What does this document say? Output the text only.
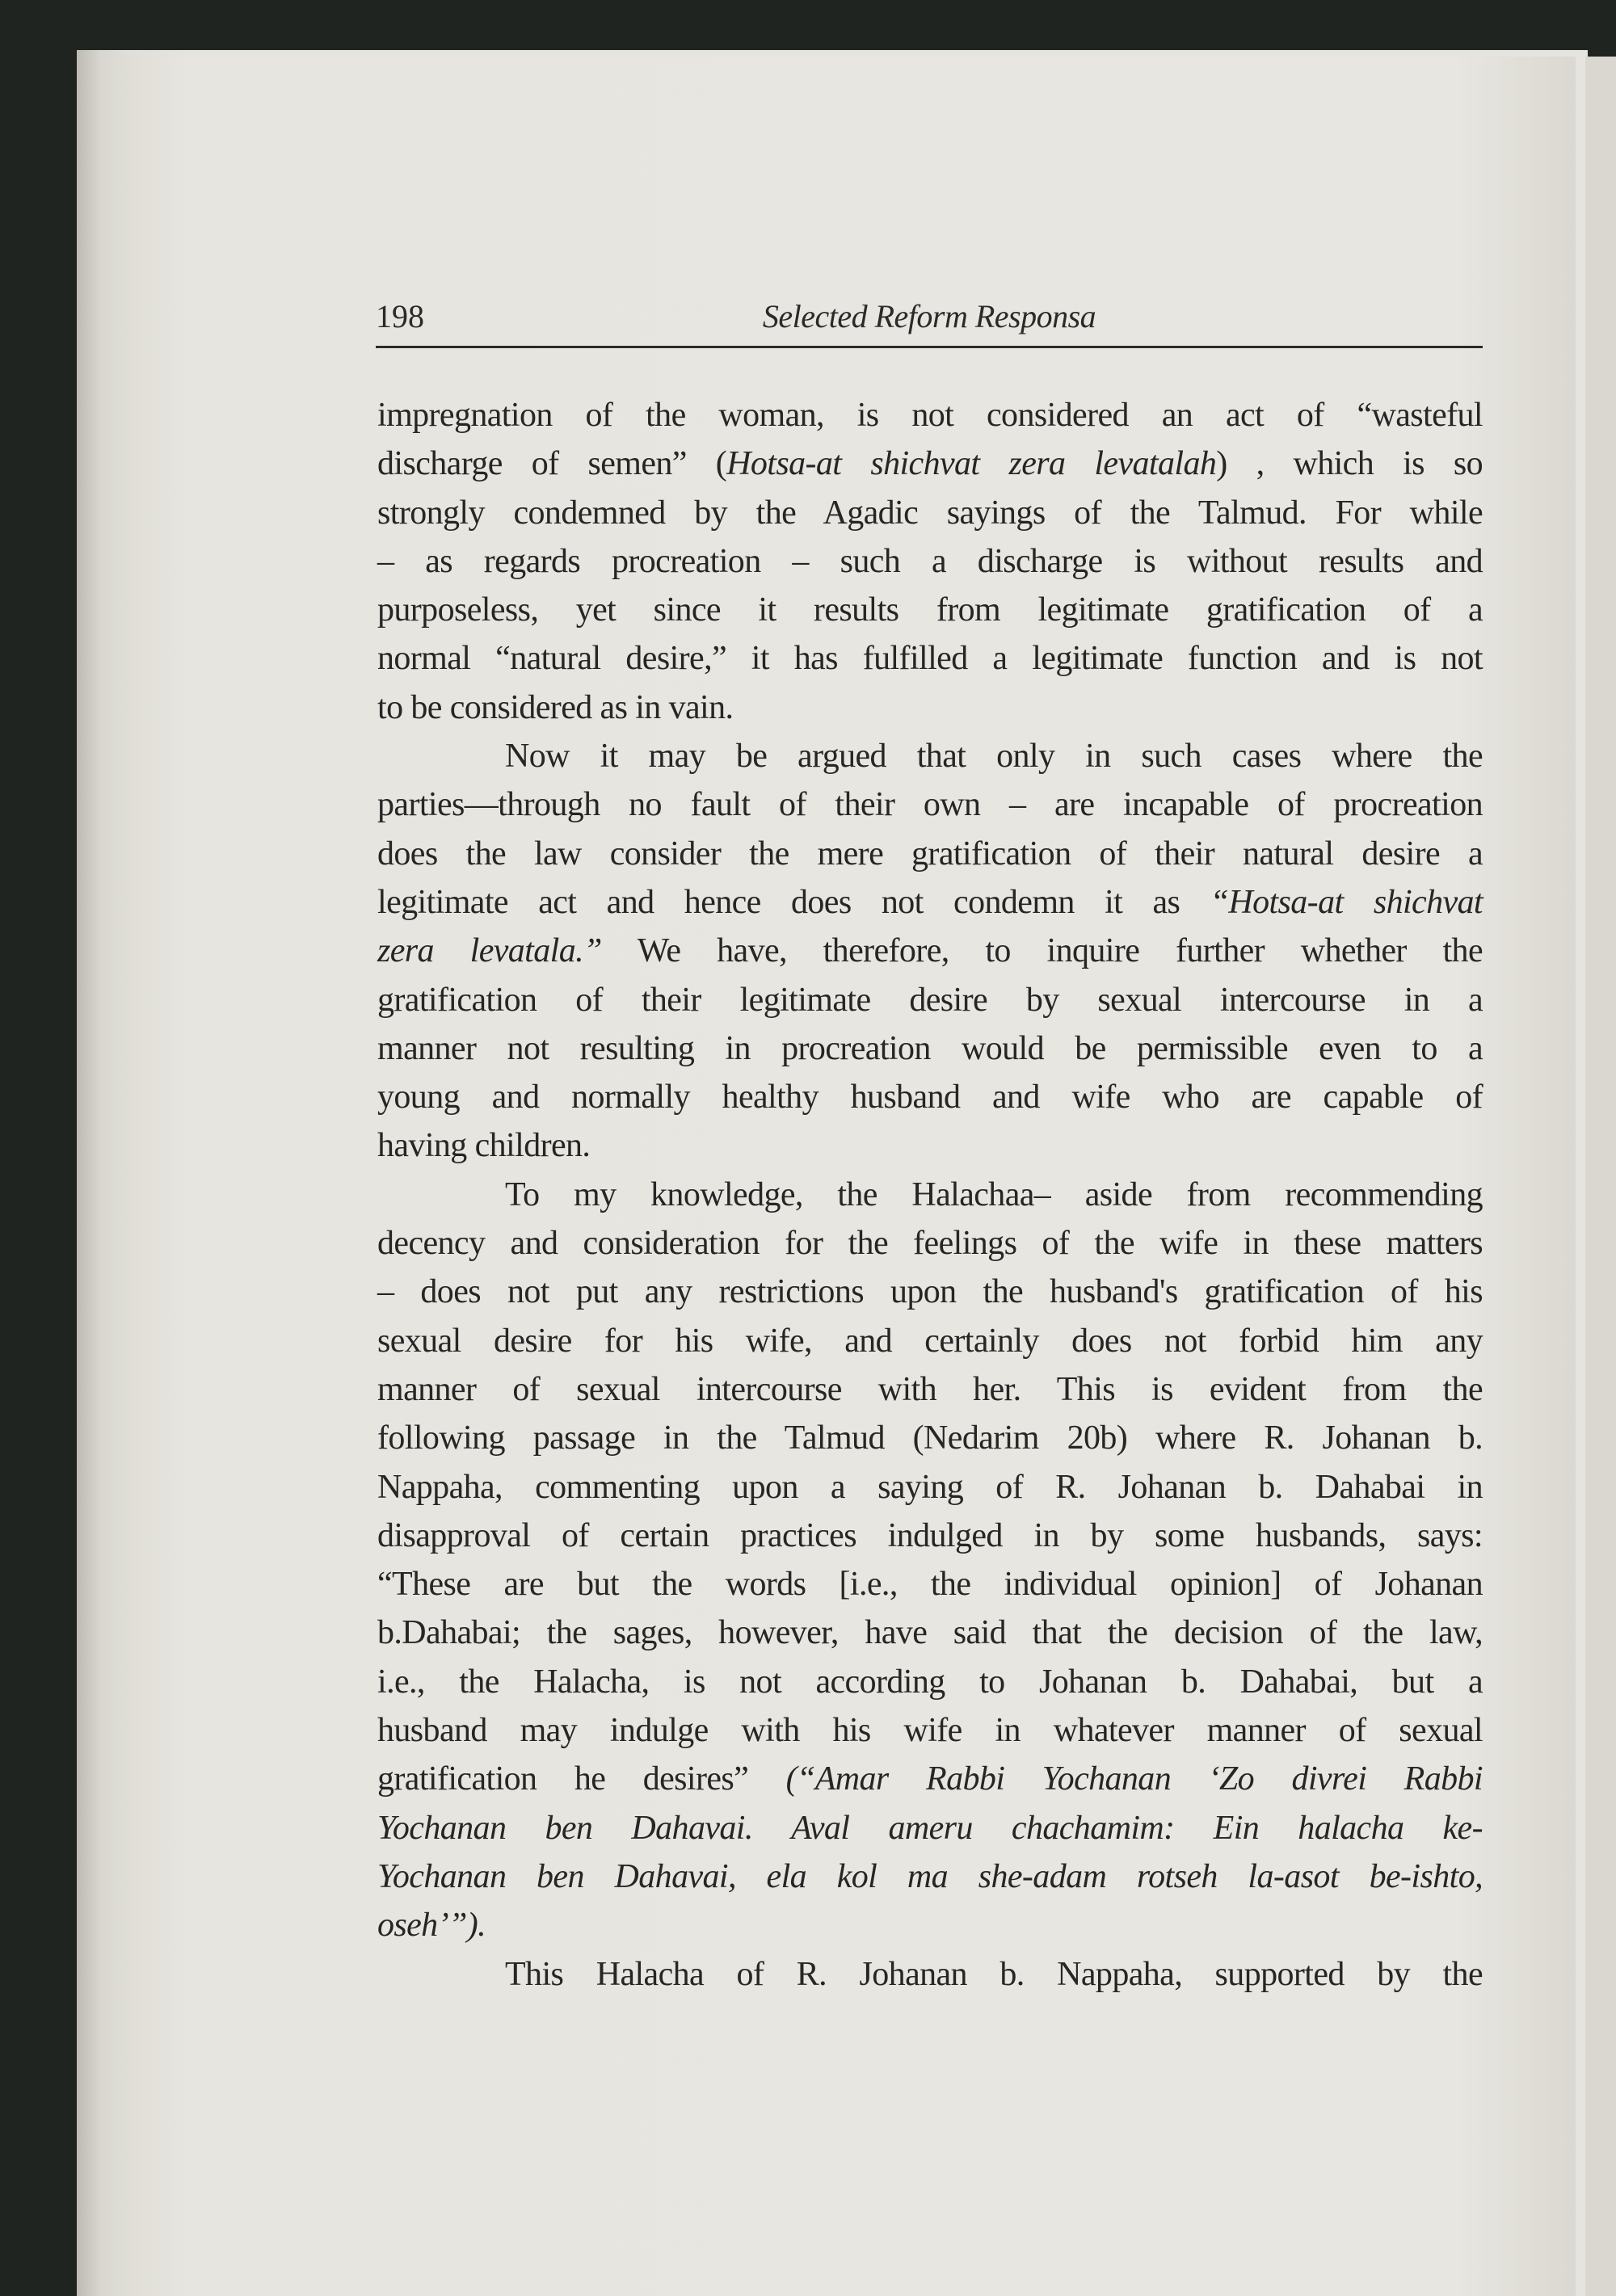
198	Selected Reform Responsa
impregnation of the woman, is not considered an act of “wasteful
discharge of semen” (Hotsa-at shichvat zera levatalah) , which is so
strongly condemned by the Agadic sayings of the Talmud. For while
– as regards procreation – such a discharge is without results and
purposeless, yet since it results from legitimate gratification of a
normal “natural desire,” it has fulfilled a legitimate function and is not
to be considered as in vain.
Now it may be argued that only in such cases where the
parties—through no fault of their own – are incapable of procreation
does the law consider the mere gratification of their natural desire a
legitimate act and hence does not condemn it as “Hotsa-at shichvat
zera levatala.” We have, therefore, to inquire further whether the
gratification of their legitimate desire by sexual intercourse in a
manner not resulting in procreation would be permissible even to a
young and normally healthy husband and wife who are capable of
having children.
To my knowledge, the Halachaa– aside from recommending
decency and consideration for the feelings of the wife in these matters
– does not put any restrictions upon the husband's gratification of his
sexual desire for his wife, and certainly does not forbid him any
manner of sexual intercourse with her. This is evident from the
following passage in the Talmud (Nedarim 20b) where R. Johanan b.
Nappaha, commenting upon a saying of R. Johanan b. Dahabai in
disapproval of certain practices indulged in by some husbands, says:
“These are but the words [i.e., the individual opinion] of Johanan
b.Dahabai; the sages, however, have said that the decision of the law,
i.e., the Halacha, is not according to Johanan b. Dahabai, but a
husband may indulge with his wife in whatever manner of sexual
gratification he desires” (“Amar Rabbi Yochanan ‘Zo divrei Rabbi
Yochanan ben Dahavai. Aval ameru chachamim: Ein halacha ke-
Yochanan ben Dahavai, ela kol ma she-adam rotseh la-asot be-ishto,
oseh’”).
This Halacha of R. Johanan b. Nappaha, supported by the
